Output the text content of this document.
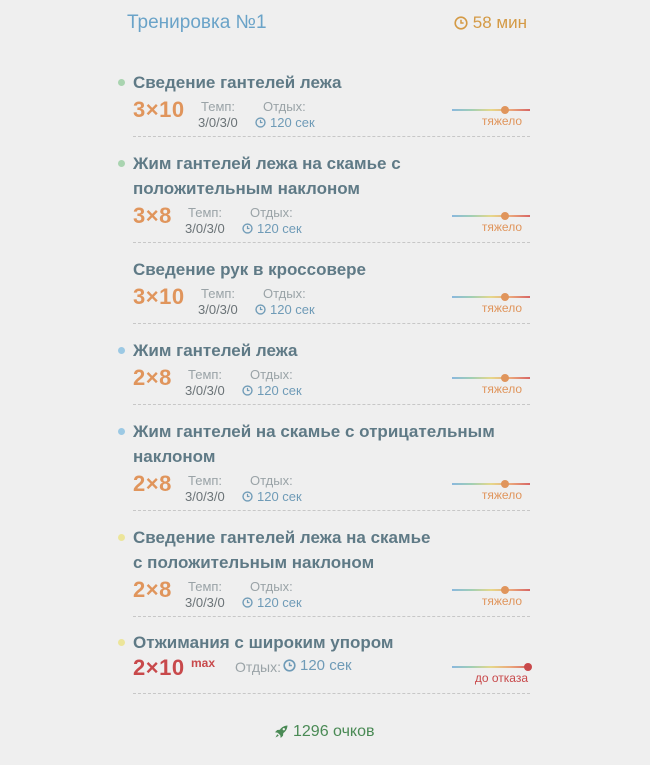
Тренировка №1	58 мин
Сведение гантелей лежа
3×10 Темп:
3/0/3/0
Отдых:
120 сек	тяжело
Жим гантелей лежа на скамье с положительным наклоном
3×8 Темп:
3/0/3/0
Отдых:
120 сек	тяжело
Сведение рук в кроссовере
3×10 Темп:
3/0/3/0
Отдых:
120 сек	тяжело
Жим гантелей лежа
2×8 Темп:
3/0/3/0
Отдых:
120 сек	тяжело
Жим гантелей на скамье с отрицательным наклоном
2×8 Темп:
3/0/3/0
Отдых:
120 сек	тяжело
Сведение гантелей лежа на скамье с положительным наклоном
2×8 Темп:
3/0/3/0
Отдых:
120 сек	тяжело
Отжимания с широким упором
2×10 max Отдых: 120 сек
до отказа
1296 очков
